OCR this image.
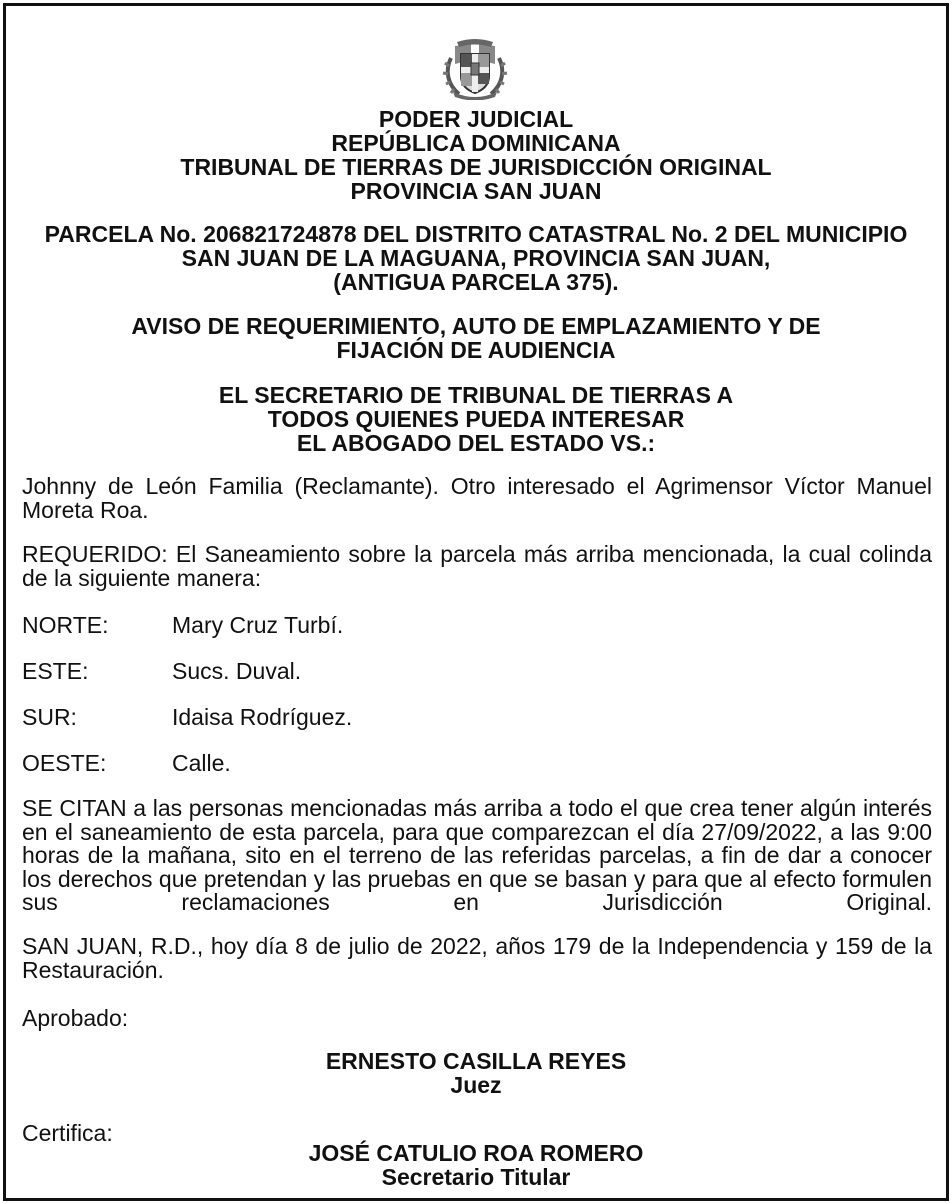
PODER JUDICIAL
REPÚBLICA DOMINICANA
TRIBUNAL DE TIERRAS DE JURISDICCIÓN ORIGINAL
PROVINCIA SAN JUAN
PARCELA No. 206821724878 DEL DISTRITO CATASTRAL No. 2 DEL MUNICIPIO
SAN JUAN DE LA MAGUANA, PROVINCIA SAN JUAN,
(ANTIGUA PARCELA 375).
AVISO DE REQUERIMIENTO, AUTO DE EMPLAZAMIENTO Y DE
FIJACIÓN DE AUDIENCIA
EL SECRETARIO DE TRIBUNAL DE TIERRAS A
TODOS QUIENES PUEDA INTERESAR
EL ABOGADO DEL ESTADO VS.:
Johnny de León Familia (Reclamante). Otro interesado el Agrimensor Víctor Manuel Moreta Roa.
REQUERIDO: El Saneamiento sobre la parcela más arriba mencionada, la cual colinda de la siguiente manera:
NORTE:	Mary Cruz Turbí.
ESTE:	Sucs. Duval.
SUR:	Idaisa Rodríguez.
OESTE:	Calle.
SE CITAN a las personas mencionadas más arriba a todo el que crea tener algún interés en el saneamiento de esta parcela, para que comparezcan el día 27/09/2022, a las 9:00 horas de la mañana, sito en el terreno de las referidas parcelas, a fin de dar a conocer los derechos que pretendan y las pruebas en que se basan y para que al efecto formulen sus reclamaciones en Jurisdicción Original.
SAN JUAN, R.D., hoy día 8 de julio de 2022, años 179 de la Independencia y 159 de la Restauración.
Aprobado:
ERNESTO CASILLA REYES
Juez
Certifica:
JOSÉ CATULIO ROA ROMERO
Secretario Titular
